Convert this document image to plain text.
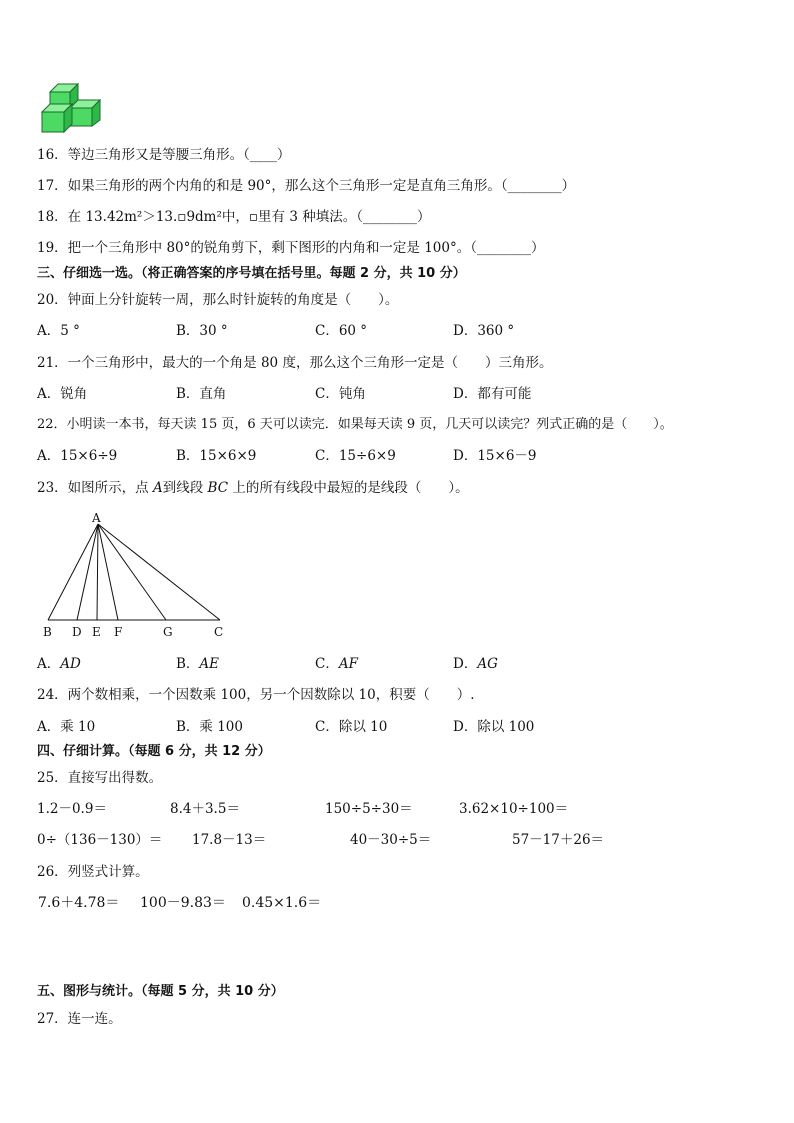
16．等边三角形又是等腰三角形。（____）
17．如果三角形的两个内角的和是 90°，那么这个三角形一定是直角三角形。（________）
18．在 13.42m²＞13.▫9dm²中，▫里有 3 种填法。（________）
19．把一个三角形中 80°的锐角剪下，剩下图形的内角和一定是 100°。（________）
三、仔细选一选。（将正确答案的序号填在括号里。每题 2 分，共 10 分）
20．钟面上分针旋转一周，那么时针旋转的角度是（　　）。
A．5 °	B．30 °	C．60 °	D．360 °
21．一个三角形中，最大的一个角是 80 度，那么这个三角形一定是（　　）三角形。
A．锐角	B．直角	C．钝角	D．都有可能
22．小明读一本书，每天读 15 页，6 天可以读完．如果每天读 9 页，几天可以读完？列式正确的是（　　）。
A．15×6÷9	B．15×6×9	C．15÷6×9	D．15×6－9
23．如图所示，点 A到线段 BC 上的所有线段中最短的是线段（　　）。
A
B D E F	G	C
A．AD	B．AE	C．AF	D．AG
24．两个数相乘，一个因数乘 100，另一个因数除以 10，积要（　　）.
A．乘 10	B．乘 100	C．除以 10	D．除以 100
四、仔细计算。（每题 6 分，共 12 分）
25．直接写出得数。
1.2－0.9＝	8.4＋3.5＝	150÷5÷30＝	3.62×10÷100＝
0÷（136－130）＝ 17.8－13＝	40－30÷5＝	57－17＋26＝
26．列竖式计算。
7.6＋4.78＝ 100－9.83＝ 0.45×1.6＝
五、图形与统计。（每题 5 分，共 10 分）
27．连一连。
